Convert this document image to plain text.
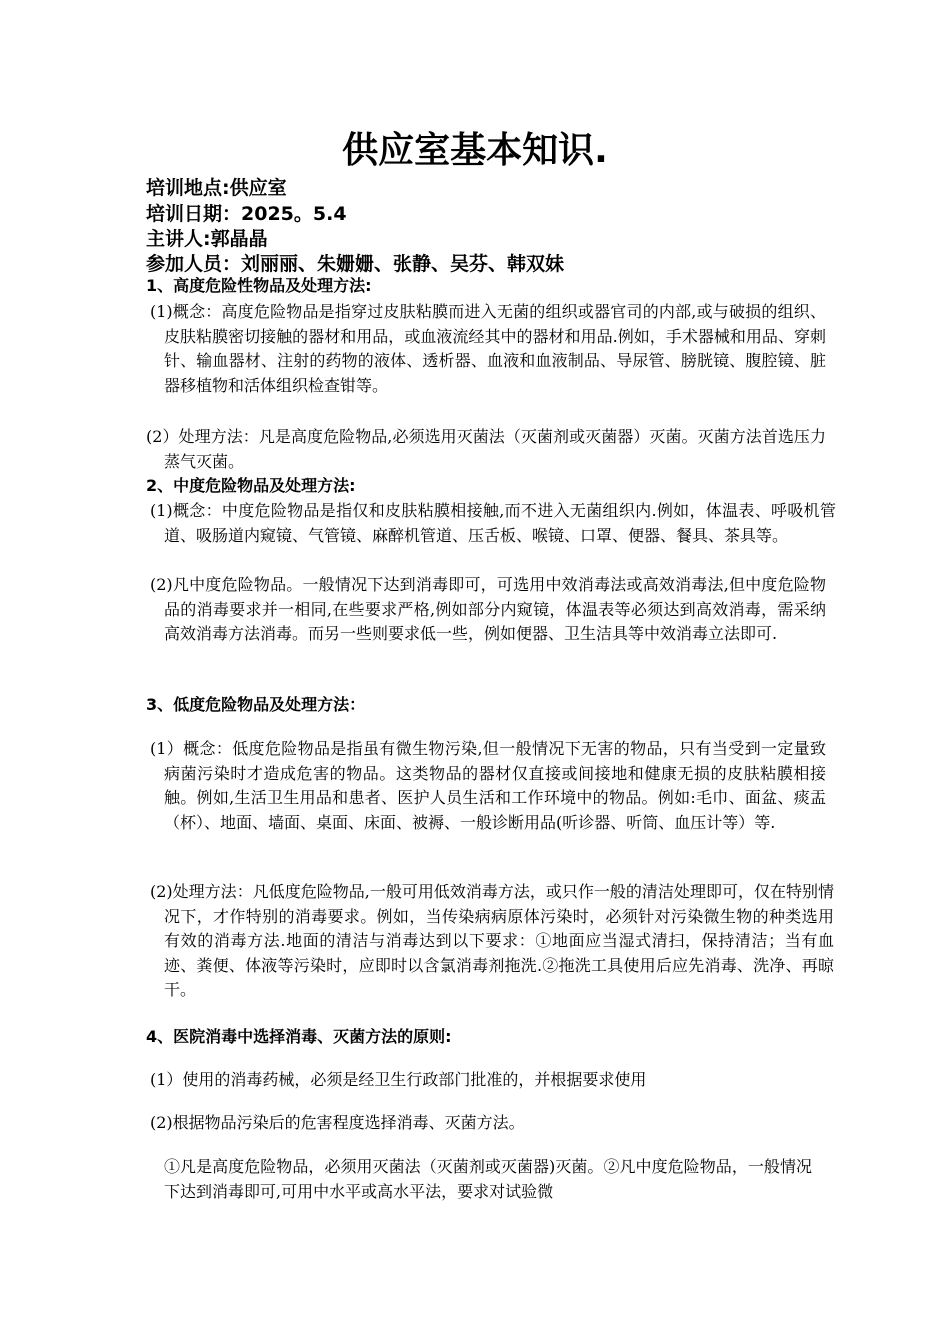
供应室基本知识.
培训地点:供应室
培训日期：2025。5.4
主讲人:郭晶晶
参加人员：刘丽丽、朱姗姗、张静、吴芬、韩双妹
1、高度危险性物品及处理方法:
(1)概念：高度危险物品是指穿过皮肤粘膜而进入无菌的组织或器官司的内部,或与破损的组织、皮肤粘膜密切接触的器材和用品，或血液流经其中的器材和用品.例如，手术器械和用品、穿刺针、输血器材、注射的药物的液体、透析器、血液和血液制品、导尿管、膀胱镜、腹腔镜、脏器移植物和活体组织检查钳等。
(2）处理方法：凡是高度危险物品,必须选用灭菌法（灭菌剂或灭菌器）灭菌。灭菌方法首选压力蒸气灭菌。
2、中度危险物品及处理方法:
(1)概念：中度危险物品是指仅和皮肤粘膜相接触,而不进入无菌组织内.例如，体温表、呼吸机管道、吸肠道内窥镜、气管镜、麻醉机管道、压舌板、喉镜、口罩、便器、餐具、茶具等。
(2)凡中度危险物品。一般情况下达到消毒即可，可选用中效消毒法或高效消毒法,但中度危险物品的消毒要求并一相同,在些要求严格,例如部分内窥镜，体温表等必须达到高效消毒，需采纳高效消毒方法消毒。而另一些则要求低一些，例如便器、卫生洁具等中效消毒立法即可.
3、低度危险物品及处理方法：
(1）概念：低度危险物品是指虽有微生物污染,但一般情况下无害的物品，只有当受到一定量致病菌污染时才造成危害的物品。这类物品的器材仅直接或间接地和健康无损的皮肤粘膜相接触。例如,生活卫生用品和患者、医护人员生活和工作环境中的物品。例如:毛巾、面盆、痰盂（杯）、地面、墙面、桌面、床面、被褥、一般诊断用品(听诊器、听筒、血压计等）等.
(2)处理方法：凡低度危险物品,一般可用低效消毒方法，或只作一般的清洁处理即可，仅在特别情况下，才作特别的消毒要求。例如，当传染病病原体污染时，必须针对污染微生物的种类选用有效的消毒方法.地面的清洁与消毒达到以下要求：①地面应当湿式清扫，保持清洁；当有血迹、粪便、体液等污染时，应即时以含氯消毒剂拖洗.②拖洗工具使用后应先消毒、洗净、再晾干。
4、医院消毒中选择消毒、灭菌方法的原则:
(1）使用的消毒药械，必须是经卫生行政部门批准的，并根据要求使用
(2)根据物品污染后的危害程度选择消毒、灭菌方法。
①凡是高度危险物品，必须用灭菌法（灭菌剂或灭菌器)灭菌。②凡中度危险物品，一般情况下达到消毒即可,可用中水平或高水平法，要求对试验微
